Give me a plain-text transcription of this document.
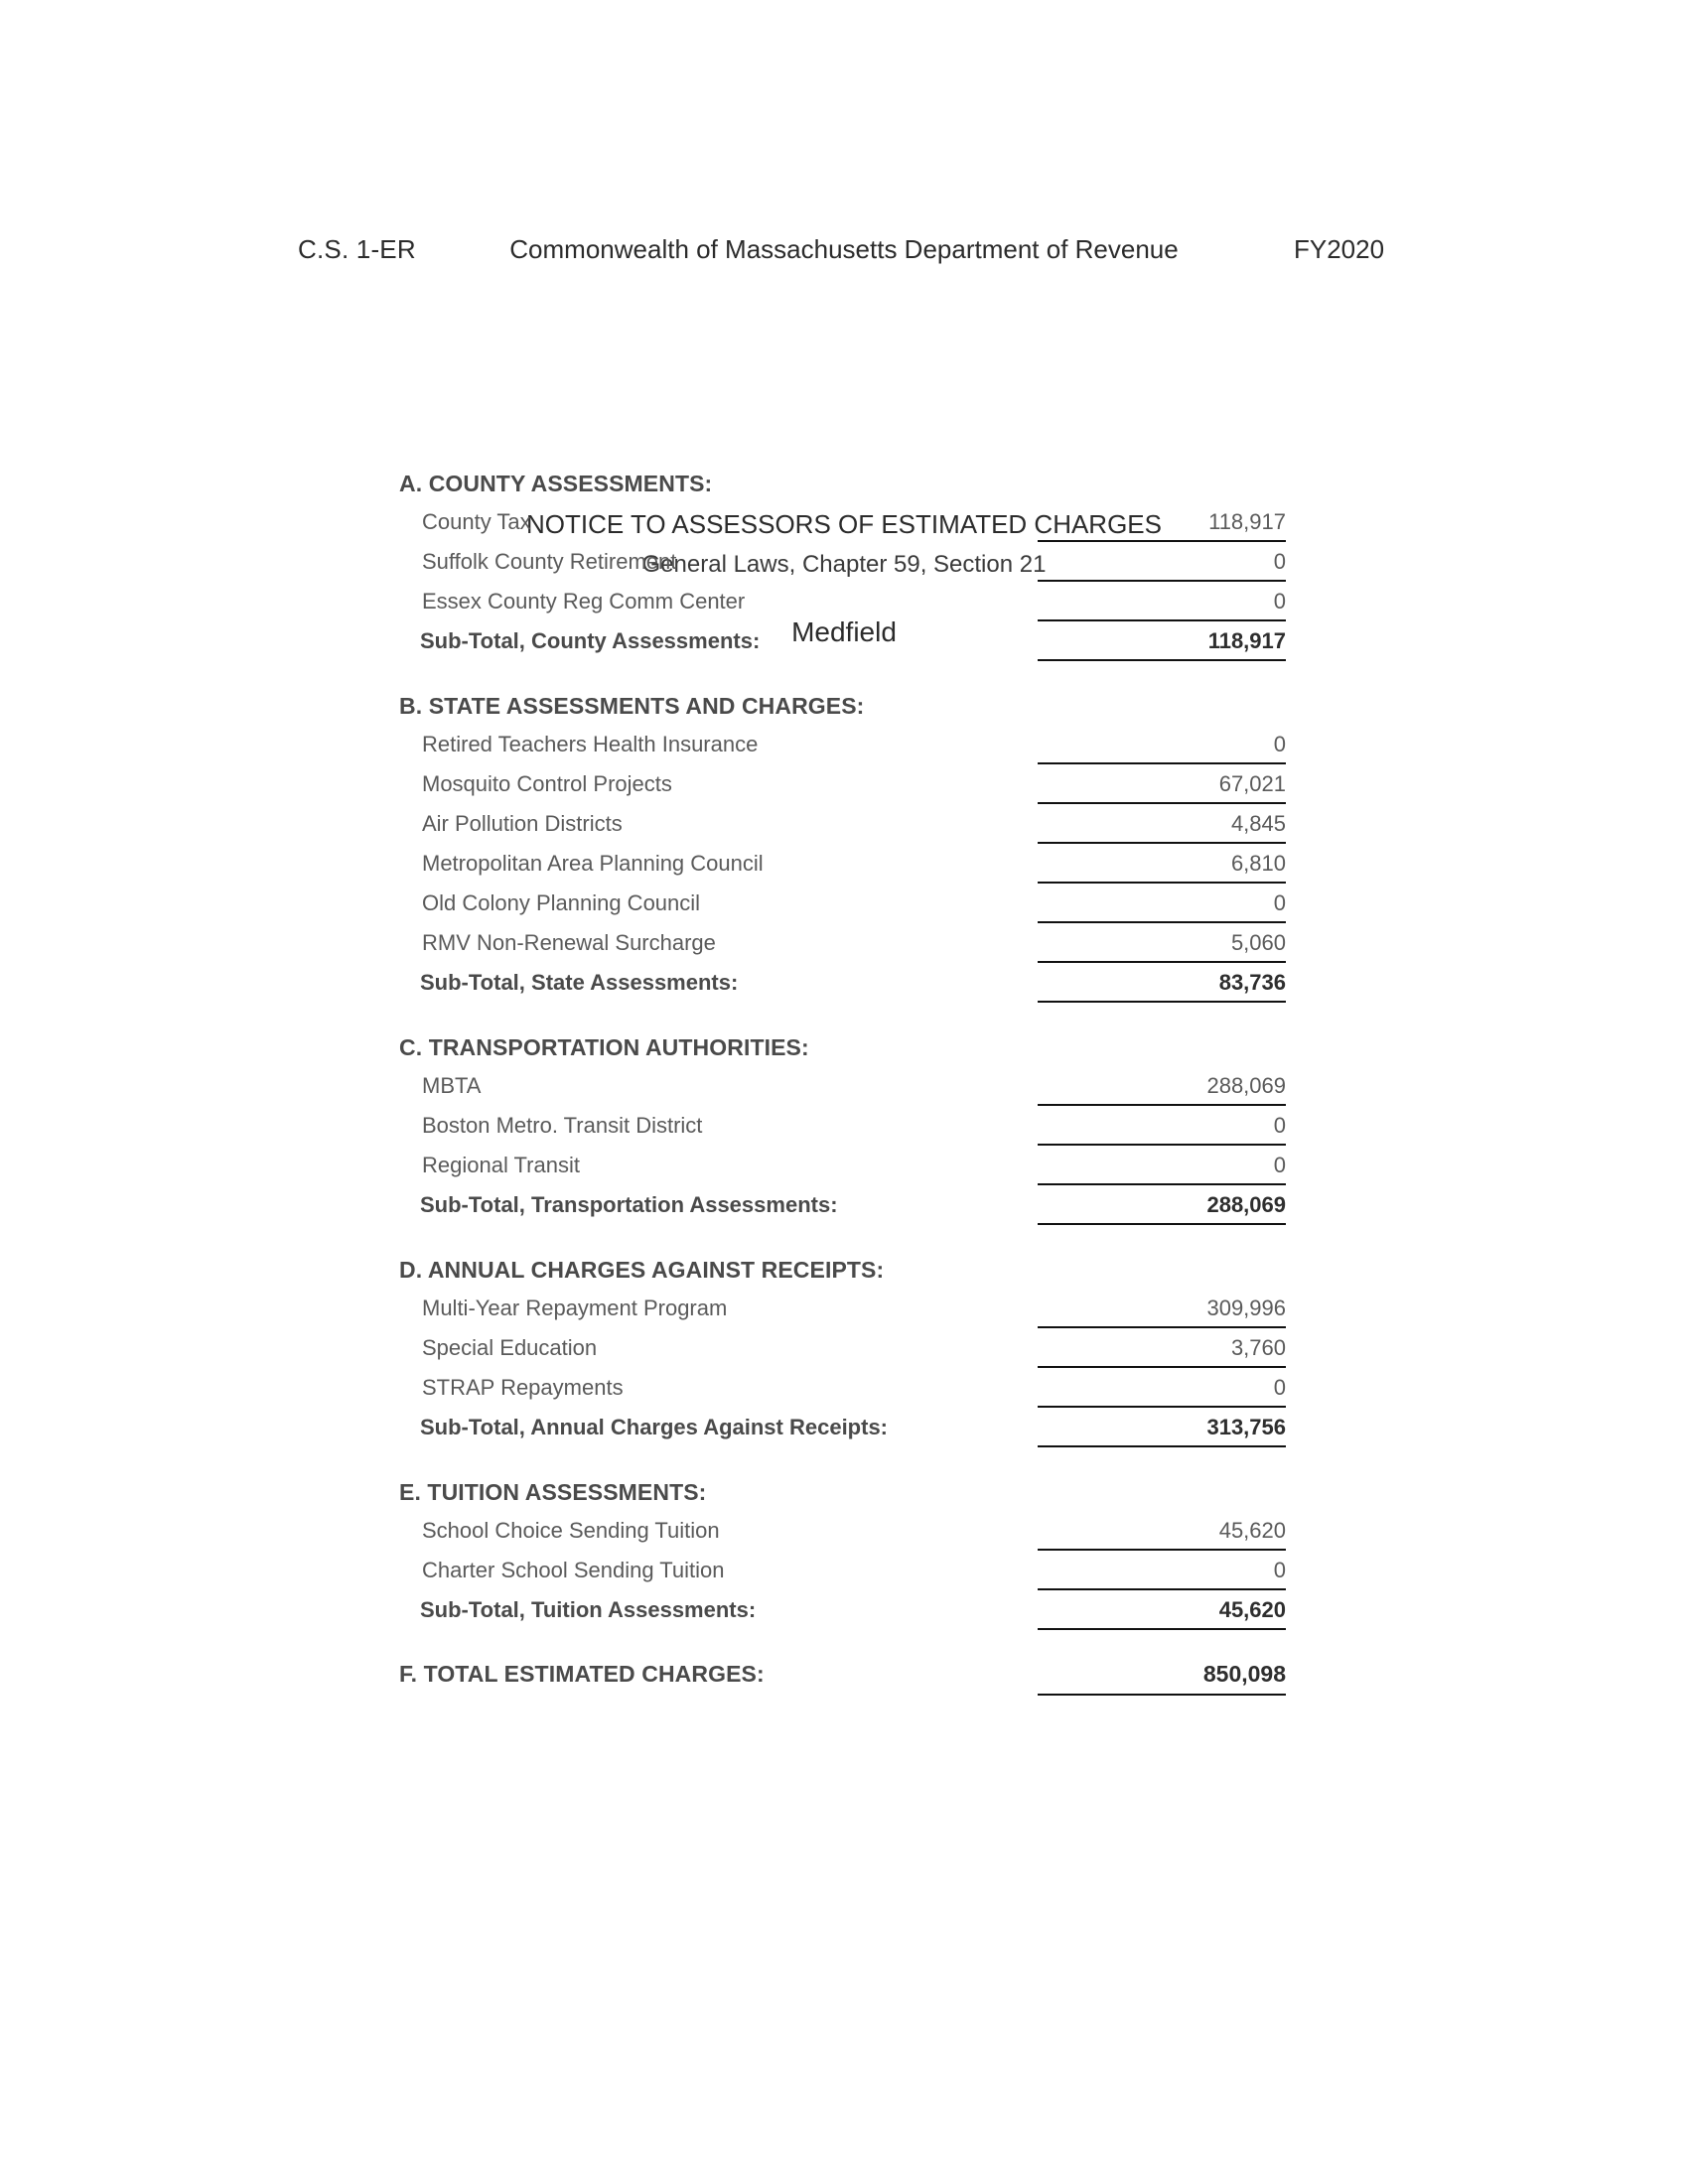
C.S. 1-ER	Commonwealth of Massachusetts Department of Revenue	FY2020
NOTICE TO ASSESSORS OF ESTIMATED CHARGES
General Laws, Chapter 59, Section 21
Medfield
A. COUNTY ASSESSMENTS:
County Tax	118,917
Suffolk County Retirement	0
Essex County Reg Comm Center	0
Sub-Total, County Assessments:	118,917
B. STATE ASSESSMENTS AND CHARGES:
Retired Teachers Health Insurance	0
Mosquito Control Projects	67,021
Air Pollution Districts	4,845
Metropolitan Area Planning Council	6,810
Old Colony Planning Council	0
RMV Non-Renewal Surcharge	5,060
Sub-Total, State Assessments:	83,736
C. TRANSPORTATION AUTHORITIES:
MBTA	288,069
Boston Metro. Transit District	0
Regional Transit	0
Sub-Total, Transportation Assessments:	288,069
D. ANNUAL CHARGES AGAINST RECEIPTS:
Multi-Year Repayment Program	309,996
Special Education	3,760
STRAP Repayments	0
Sub-Total, Annual Charges Against Receipts:	313,756
E. TUITION ASSESSMENTS:
School Choice Sending Tuition	45,620
Charter School Sending Tuition	0
Sub-Total, Tuition Assessments:	45,620
F. TOTAL ESTIMATED CHARGES:	850,098
